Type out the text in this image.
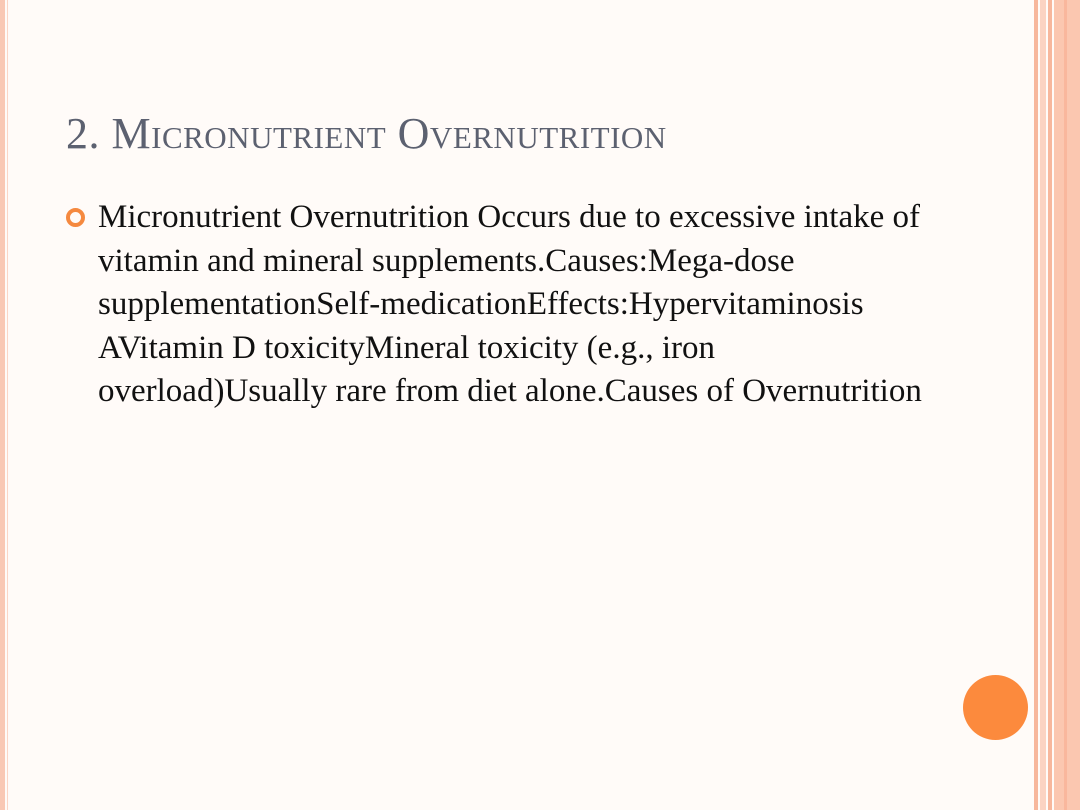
2. Micronutrient Overnutrition
Micronutrient Overnutrition Occurs due to excessive intake of vitamin and mineral supplements.Causes:Mega-dose supplementationSelf-medicationEffects:Hypervitaminosis AVitamin D toxicityMineral toxicity (e.g., iron overload)Usually rare from diet alone.Causes of Overnutrition
